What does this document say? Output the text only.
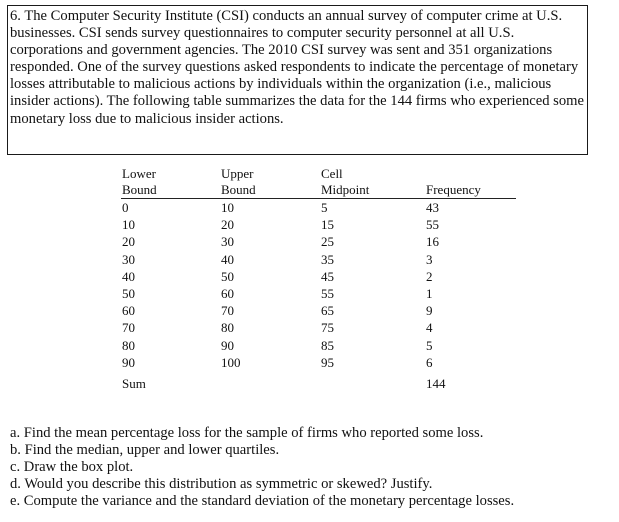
6. The Computer Security Institute (CSI) conducts an annual survey of computer crime at U.S. businesses. CSI sends survey questionnaires to computer security personnel at all U.S. corporations and government agencies. The 2010 CSI survey was sent and 351 organizations responded. One of the survey questions asked respondents to indicate the percentage of monetary losses attributable to malicious actions by individuals within the organization (i.e., malicious insider actions). The following table summarizes the data for the 144 firms who experienced some monetary loss due to malicious insider actions.

Lower	Upper	Cell	
Bound	Bound	Midpoint	Frequency
0	10	5	43
10	20	15	55
20	30	25	16
30	40	35	3
40	50	45	2
50	60	55	1
60	70	65	9
70	80	75	4
80	90	85	5
90	100	95	6
Sum			144
a. Find the mean percentage loss for the sample of firms who reported some loss.
b. Find the median, upper and lower quartiles.
c. Draw the box plot.
d. Would you describe this distribution as symmetric or skewed? Justify.
e. Compute the variance and the standard deviation of the monetary percentage losses.
